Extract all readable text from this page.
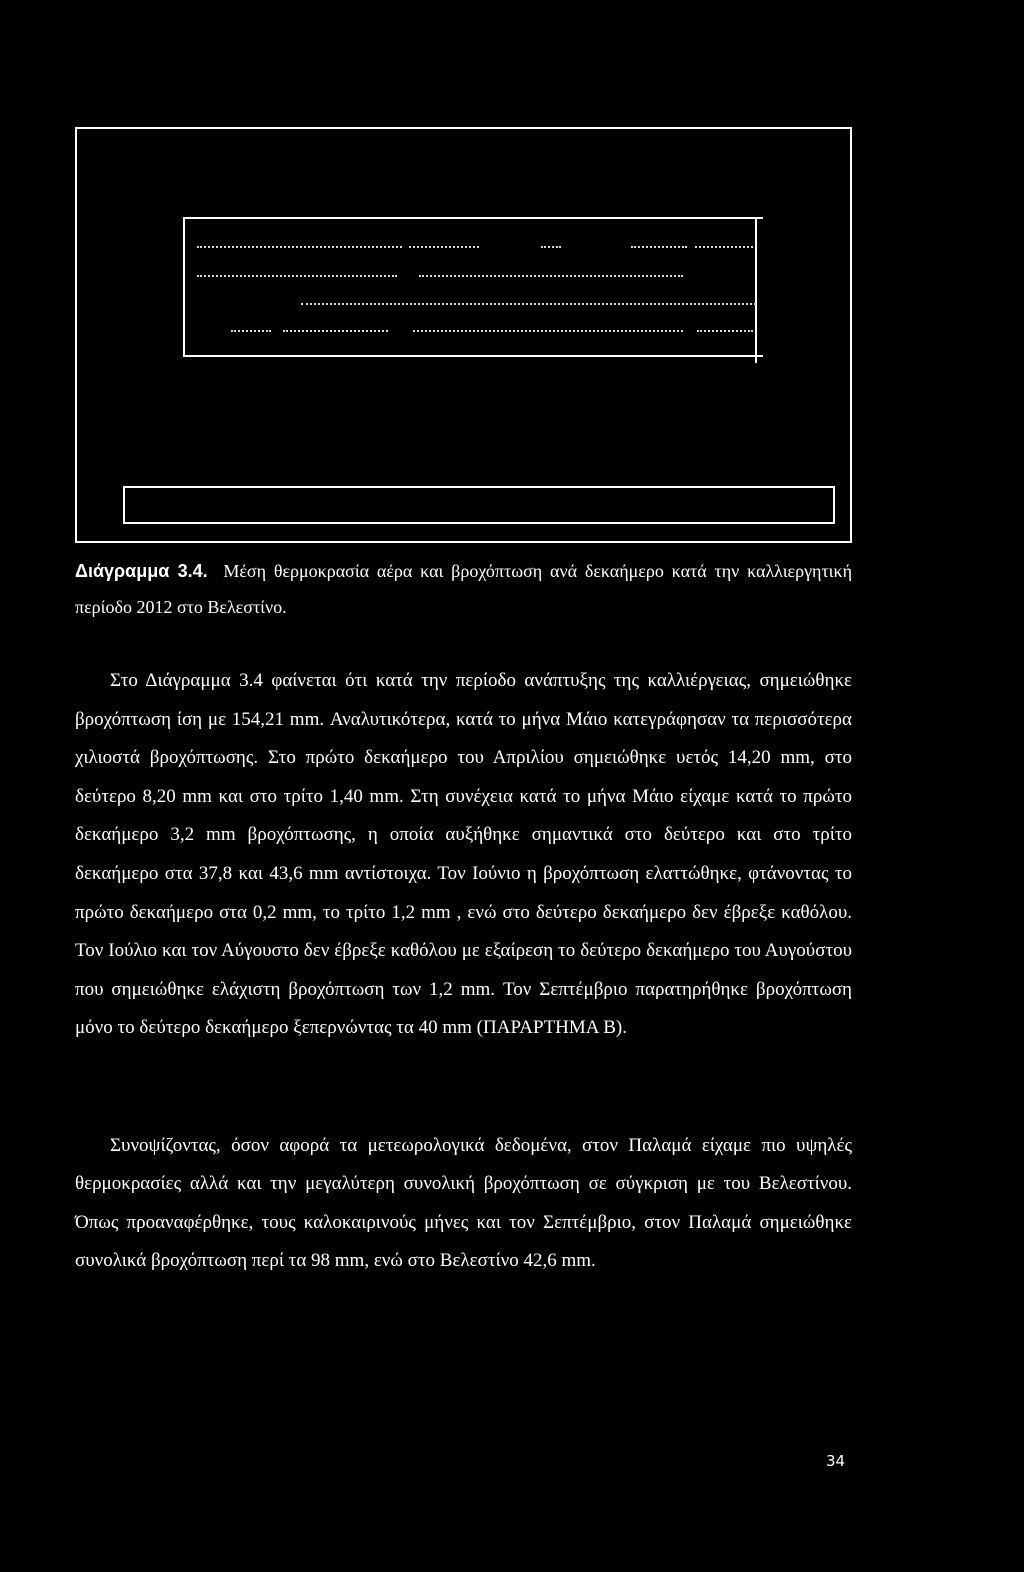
Διάγραμμα 3.4. Μέση θερμοκρασία αέρα και βροχόπτωση ανά δεκαήμερο κατά την καλλιεργητική περίοδο 2012 στο Βελεστίνο.

Στο Διάγραμμα 3.4 φαίνεται ότι κατά την περίοδο ανάπτυξης της καλλιέργειας, σημειώθηκε βροχόπτωση ίση με 154,21 mm. Αναλυτικότερα, κατά το μήνα Μάιο κατεγράφησαν τα περισσότερα χιλιοστά βροχόπτωσης. Στο πρώτο δεκαήμερο του Απριλίου σημειώθηκε υετός 14,20 mm, στο δεύτερο 8,20 mm και στο τρίτο 1,40 mm. Στη συνέχεια κατά το μήνα Μάιο είχαμε κατά το πρώτο δεκαήμερο 3,2 mm βροχόπτωσης, η οποία αυξήθηκε σημαντικά στο δεύτερο και στο τρίτο δεκαήμερο στα 37,8 και 43,6 mm αντίστοιχα. Τον Ιούνιο η βροχόπτωση ελαττώθηκε, φτάνοντας το πρώτο δεκαήμερο στα 0,2 mm, το τρίτο 1,2 mm , ενώ στο δεύτερο δεκαήμερο δεν έβρεξε καθόλου. Τον Ιούλιο και τον Αύγουστο δεν έβρεξε καθόλου με εξαίρεση το δεύτερο δεκαήμερο του Αυγούστου που σημειώθηκε ελάχιστη βροχόπτωση των 1,2 mm. Τον Σεπτέμβριο παρατηρήθηκε βροχόπτωση μόνο το δεύτερο δεκαήμερο ξεπερνώντας τα 40 mm (ΠΑΡΑΡΤΗΜΑ Β).

Συνοψίζοντας, όσον αφορά τα μετεωρολογικά δεδομένα, στον Παλαμά είχαμε πιο υψηλές θερμοκρασίες αλλά και την μεγαλύτερη συνολική βροχόπτωση σε σύγκριση με του Βελεστίνου. Όπως προαναφέρθηκε, τους καλοκαιρινούς μήνες και τον Σεπτέμβριο, στον Παλαμά σημειώθηκε συνολικά βροχόπτωση περί τα 98 mm, ενώ στο Βελεστίνο 42,6 mm.

34
